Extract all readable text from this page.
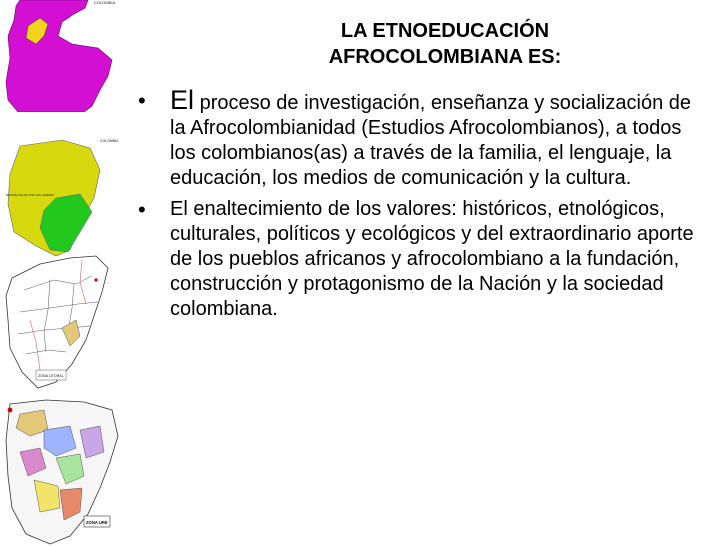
COLOMBIA
REPÚBLICA DE TRO SOL AMERIC
COLOMBIA
ZONA LITORAL
ZONA URE
LA ETNOEDUCACIÓN
AFROCOLOMBIANA ES:
• El proceso de investigación, enseñanza y socialización de la Afrocolombianidad (Estudios Afrocolombianos), a todos los colombianos(as) a través de la familia, el lenguaje, la educación, los medios de comunicación y la cultura.
• El enaltecimiento de los valores: históricos, etnológicos, culturales, políticos y ecológicos y del extraordinario aporte de los pueblos africanos y afrocolombiano a la fundación, construcción y protagonismo de la Nación y la sociedad colombiana.
